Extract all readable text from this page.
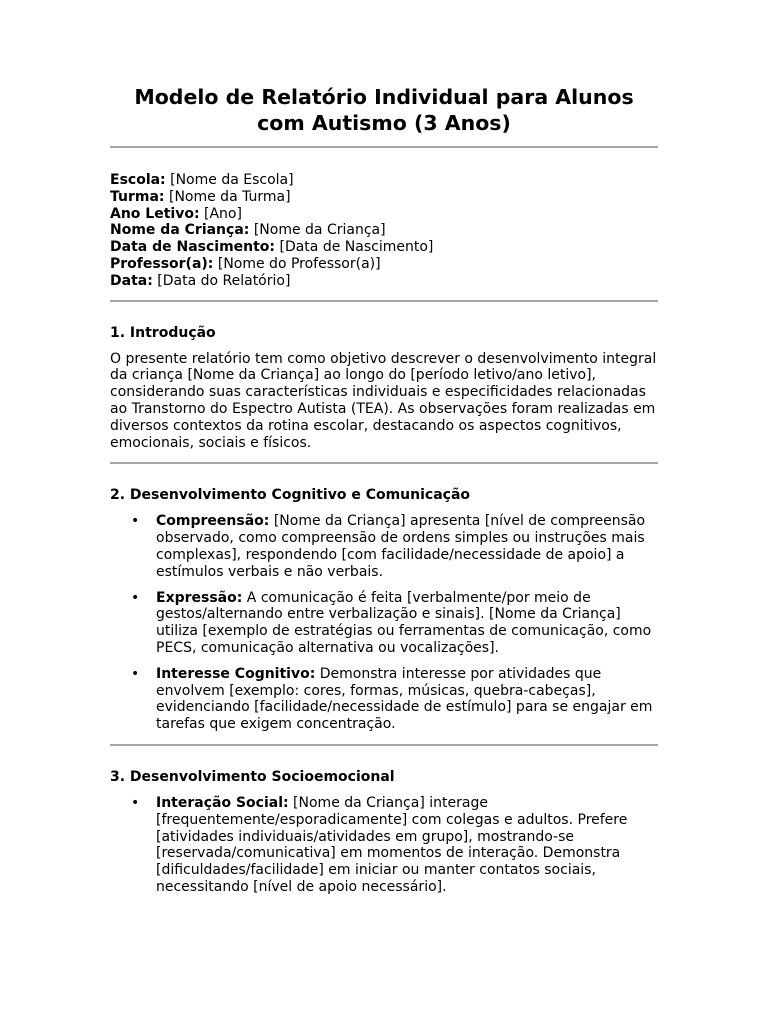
Modelo de Relatório Individual para Alunos
com Autismo (3 Anos)
Escola: [Nome da Escola]
Turma: [Nome da Turma]
Ano Letivo: [Ano]
Nome da Criança: [Nome da Criança]
Data de Nascimento: [Data de Nascimento]
Professor(a): [Nome do Professor(a)]
Data: [Data do Relatório]
1. Introdução

O presente relatório tem como objetivo descrever o desenvolvimento integral da criança [Nome da Criança] ao longo do [período letivo/ano letivo], considerando suas características individuais e especificidades relacionadas ao Transtorno do Espectro Autista (TEA). As observações foram realizadas em diversos contextos da rotina escolar, destacando os aspectos cognitivos, emocionais, sociais e físicos.

2. Desenvolvimento Cognitivo e Comunicação
• Compreensão: [Nome da Criança] apresenta [nível de compreensão observado, como compreensão de ordens simples ou instruções mais complexas], respondendo [com facilidade/necessidade de apoio] a estímulos verbais e não verbais.
• Expressão: A comunicação é feita [verbalmente/por meio de gestos/alternando entre verbalização e sinais]. [Nome da Criança] utiliza [exemplo de estratégias ou ferramentas de comunicação, como PECS, comunicação alternativa ou vocalizações].
• Interesse Cognitivo: Demonstra interesse por atividades que envolvem [exemplo: cores, formas, músicas, quebra-cabeças], evidenciando [facilidade/necessidade de estímulo] para se engajar em tarefas que exigem concentração.
3. Desenvolvimento Socioemocional
• Interação Social: [Nome da Criança] interage [frequentemente/esporadicamente] com colegas e adultos. Prefere [atividades individuais/atividades em grupo], mostrando-se [reservada/comunicativa] em momentos de interação. Demonstra [dificuldades/facilidade] em iniciar ou manter contatos sociais, necessitando [nível de apoio necessário].
